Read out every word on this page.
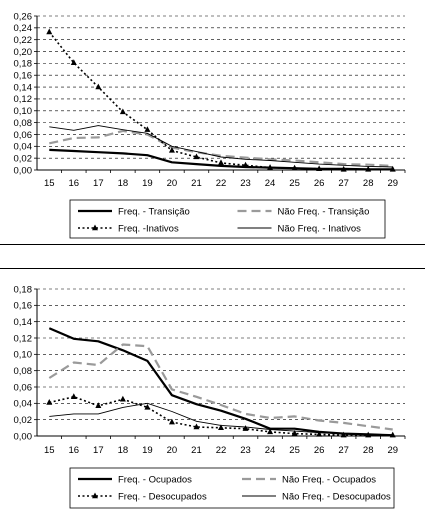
0,00
0,02
0,04
0,06
0,08
0,10
0,12
0,14
0,16
0,18
0,20
0,22
0,24
0,26
15 16 17 18 19 20 21 22 23 24 25 26 27 28 29
Freq. - Transição	Não Freq. - Transição
Freq. -Inativos	Não Freq. - Inativos
0,00
0,02
0,04
0,06
0,08
0,10
0,12
0,14
0,16
0,18
15 16 17 18 19 20 21 22 23 24 25 26 27 28 29
Freq. - Ocupados	Não Freq. - Ocupados
Freq. - Desocupados	Não Freq. - Desocupados
